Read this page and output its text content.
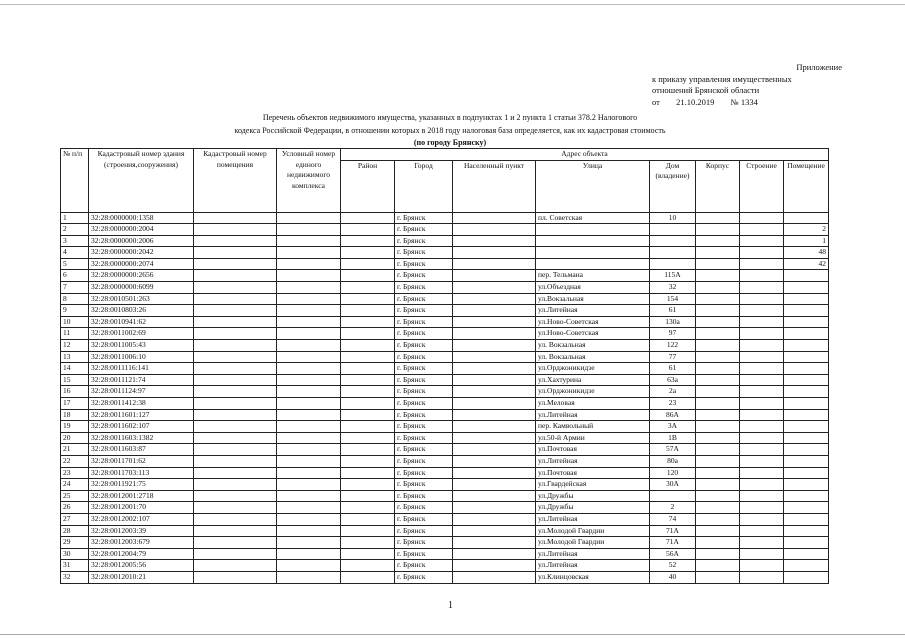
Приложение
к приказу управления имущественных
отношений Брянской области
от 21.10.2019 № 1334
Перечень объектов недвижимого имущества, указанных в подпунктах 1 и 2 пункта 1 статьи 378.2 Налогового
кодекса Российской Федерации, в отношении которых в 2018 году налоговая база определяется, как их кадастровая стоимость
(по городу Брянску)
№ п/п	Кадастровый номер здания (строения,сооружения)	Кадастровый номер помещения	Условный номер единого недвижимого комплекса	Адрес объекта							
				Район	Город	Населенный пункт	Улица	Дом (владение)	Корпус	Строение	Помещение
1	32:28:0000000:1358				г. Брянск		пл. Советская	10			
2	32:28:0000000:2004				г. Брянск						2
3	32:28:0000000:2006				г. Брянск						1
4	32:28:0000000:2042				г. Брянск						48
5	32:28:0000000:2074				г. Брянск						42
6	32:28:0000000:2656				г. Брянск		пер. Тельмана	115А			
7	32:28:0000000:6099				г. Брянск		ул.Объездная	32			
8	32:28:0010501:263				г. Брянск		ул.Вокзальная	154			
9	32:28:0010803:26				г. Брянск		ул.Литейная	61			
10	32:28:0010941:62				г. Брянск		ул.Ново-Советская	130а			
11	32:28:0011002:69				г. Брянск		ул.Ново-Советская	97			
12	32:28:0011005:43				г. Брянск		ул. Вокзальная	122			
13	32:28:0011006:10				г. Брянск		ул. Вокзальная	77			
14	32:28:0011116:141				г. Брянск		ул.Орджоникидзе	61			
15	32:28:0011121:74				г. Брянск		ул.Хахтурина	63а			
16	32:28:0011124:97				г. Брянск		ул.Орджоникидзе	2а			
17	32:28:0011412:38				г. Брянск		ул.Меловая	23			
18	32:28:0011601:127				г. Брянск		ул.Литейная	86А			
19	32:28:0011602:107				г. Брянск		пер. Камвольный	3А			
20	32:28:0011603:1382				г. Брянск		ул.50-й Армии	1В			
21	32:28:0011603:87				г. Брянск		ул.Почтовая	57А			
22	32:28:0011701:62				г. Брянск		ул.Литейная	80а			
23	32:28:0011703:113				г. Брянск		ул.Почтовая	120			
24	32:28:0011921:75				г. Брянск		ул.Гвардейская	30А			
25	32:28:0012001:2718				г. Брянск		ул.Дружбы				
26	32:28:0012001:70				г. Брянск		ул.Дружбы	2			
27	32:28:0012002:107				г. Брянск		ул.Литейная	74			
28	32:28:0012003:39				г. Брянск		ул.Молодой Гвардии	71А			
29	32:28:0012003:679				г. Брянск		ул.Молодой Гвардии	71А			
30	32:28:0012004:79				г. Брянск		ул.Литейная	56А			
31	32:28:0012005:56				г. Брянск		ул.Литейная	52			
32	32:28:0012010:21				г. Брянск		ул.Клинцовская	40			
1
